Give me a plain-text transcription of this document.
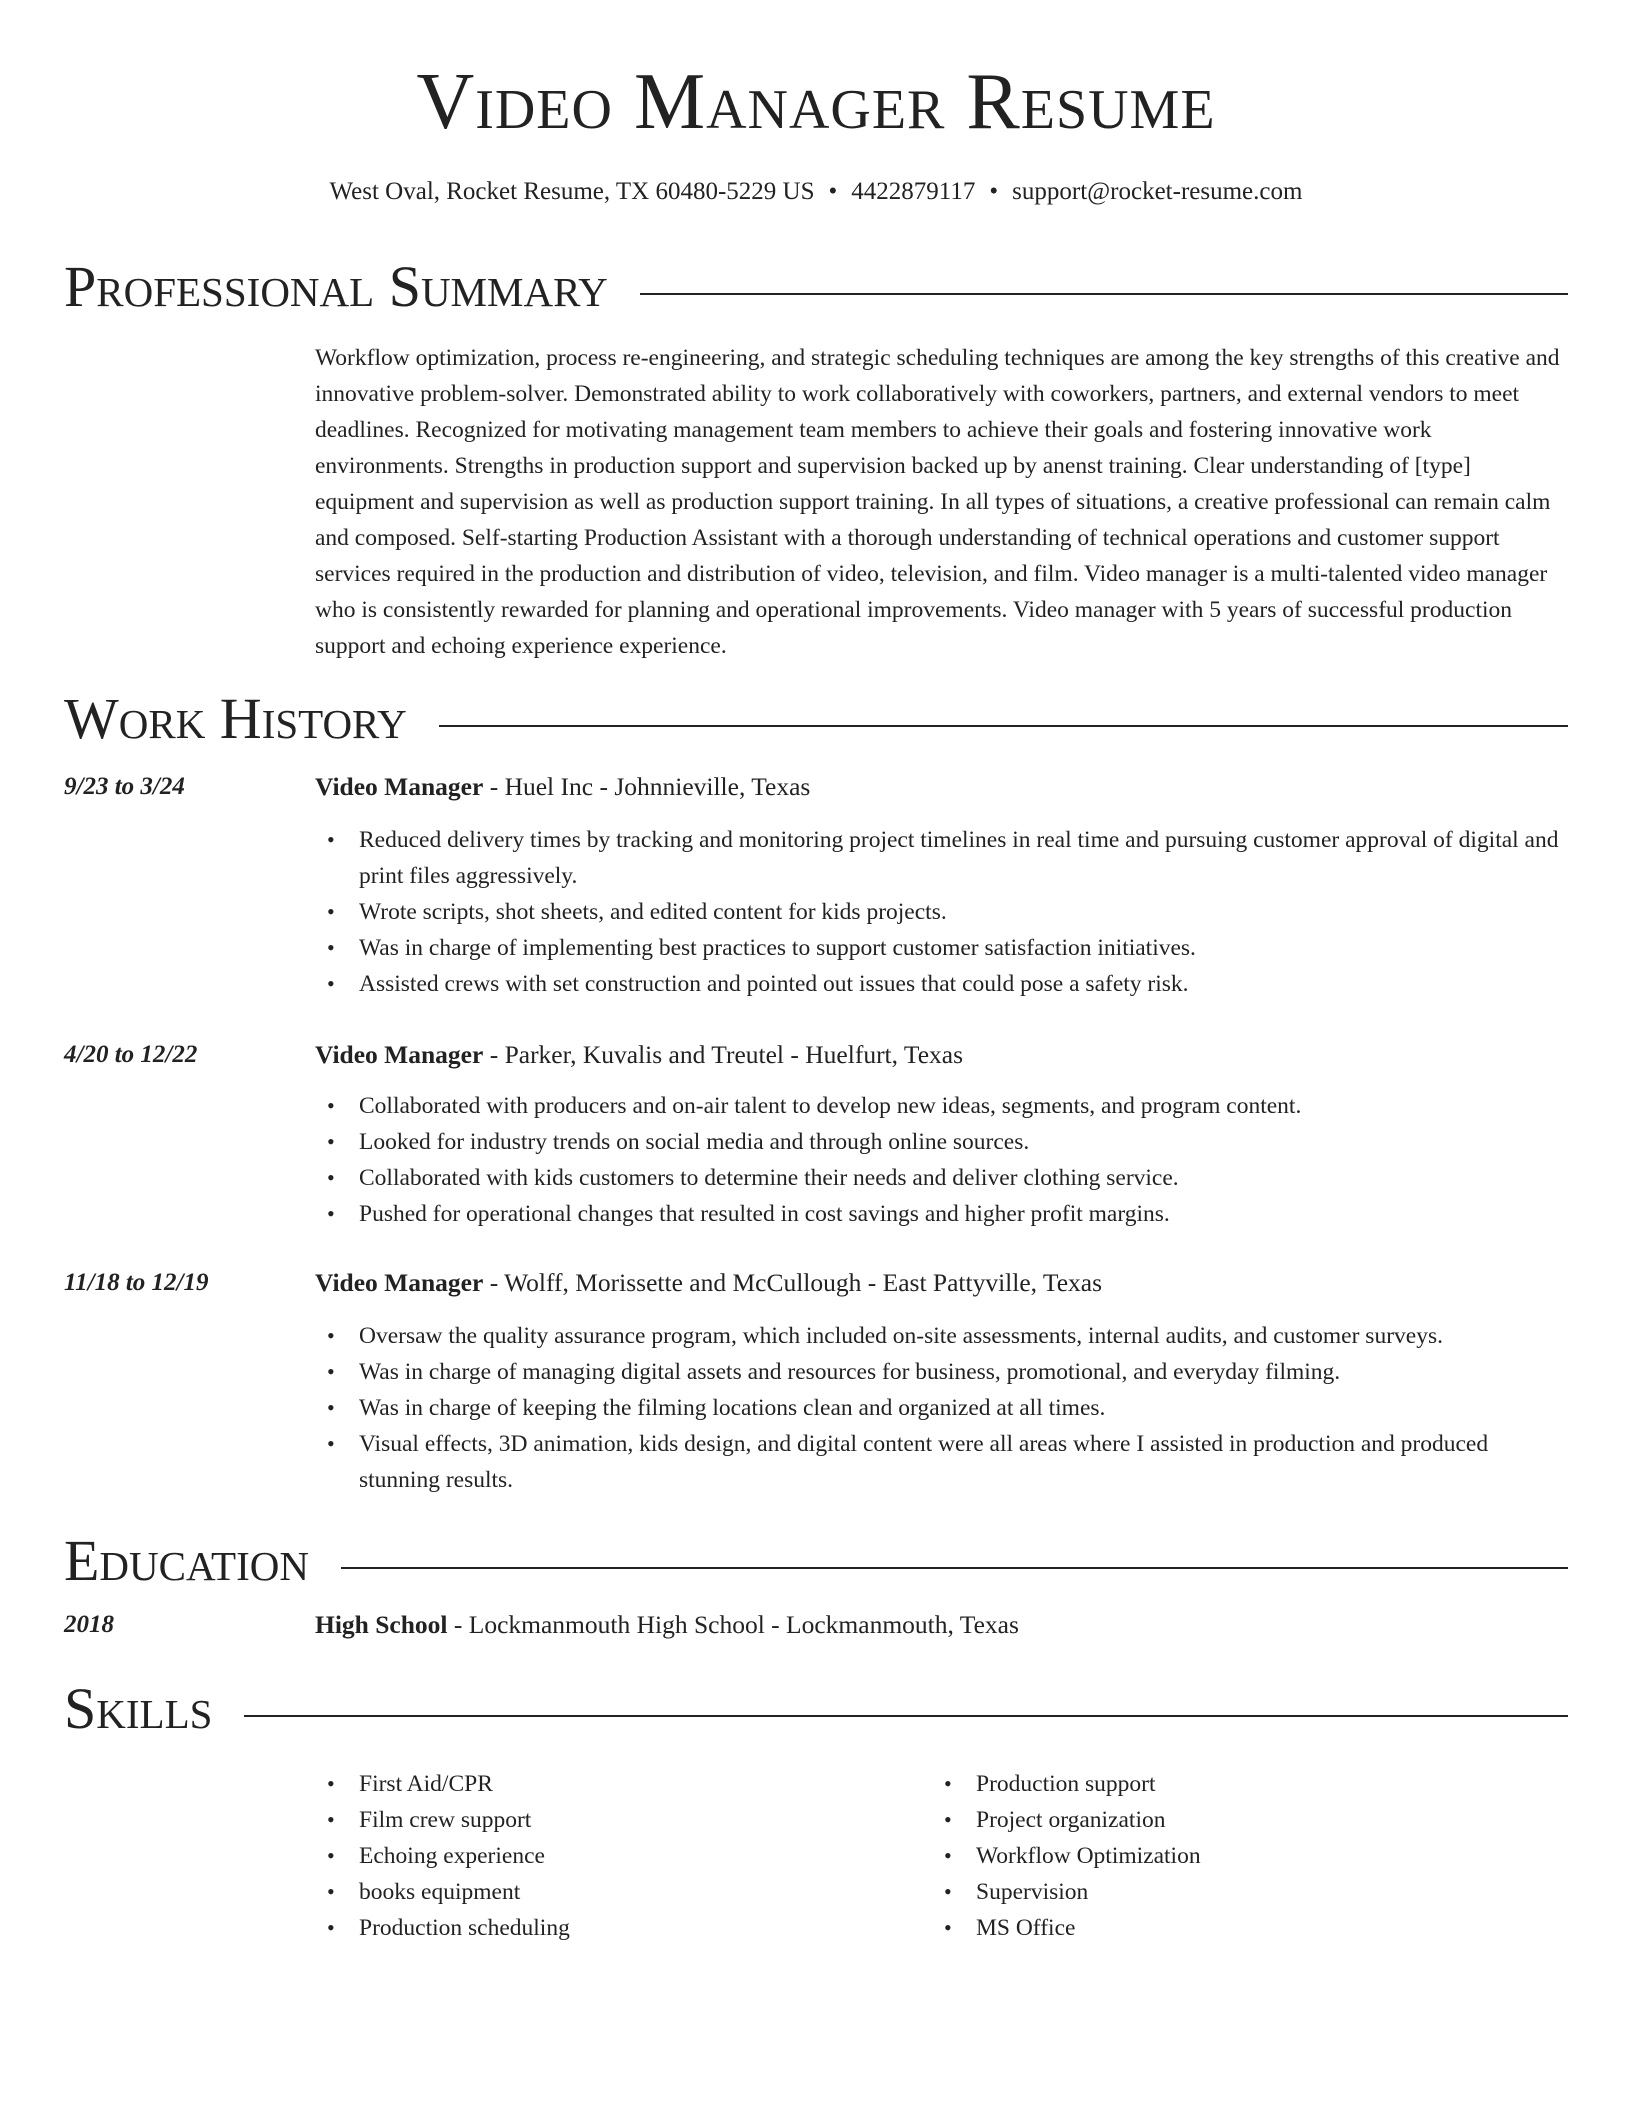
Video Manager Resume
West Oval, Rocket Resume, TX 60480-5229 US • 4422879117 • support@rocket-resume.com
Professional Summary

Workflow optimization, process re-engineering, and strategic scheduling techniques are among the key strengths of this creative and innovative problem-solver. Demonstrated ability to work collaboratively with coworkers, partners, and external vendors to meet deadlines. Recognized for motivating management team members to achieve their goals and fostering innovative work environments. Strengths in production support and supervision backed up by anenst training. Clear understanding of [type] equipment and supervision as well as production support training. In all types of situations, a creative professional can remain calm and composed. Self-starting Production Assistant with a thorough understanding of technical operations and customer support services required in the production and distribution of video, television, and film. Video manager is a multi-talented video manager who is consistently rewarded for planning and operational improvements. Video manager with 5 years of successful production support and echoing experience experience.

Work History
9/23 to 3/24	Video Manager - Huel Inc - Johnnieville, Texas
• Reduced delivery times by tracking and monitoring project timelines in real time and pursuing customer approval of digital and print files aggressively.
• Wrote scripts, shot sheets, and edited content for kids projects.
• Was in charge of implementing best practices to support customer satisfaction initiatives.
• Assisted crews with set construction and pointed out issues that could pose a safety risk.
4/20 to 12/22	Video Manager - Parker, Kuvalis and Treutel - Huelfurt, Texas
• Collaborated with producers and on-air talent to develop new ideas, segments, and program content.
• Looked for industry trends on social media and through online sources.
• Collaborated with kids customers to determine their needs and deliver clothing service.
• Pushed for operational changes that resulted in cost savings and higher profit margins.
11/18 to 12/19	Video Manager - Wolff, Morissette and McCullough - East Pattyville, Texas
• Oversaw the quality assurance program, which included on-site assessments, internal audits, and customer surveys.
• Was in charge of managing digital assets and resources for business, promotional, and everyday filming.
• Was in charge of keeping the filming locations clean and organized at all times.
• Visual effects, 3D animation, kids design, and digital content were all areas where I assisted in production and produced stunning results.
Education
2018	High School - Lockmanmouth High School - Lockmanmouth, Texas
Skills
• First Aid/CPR
• Film crew support
• Echoing experience
• books equipment
• Production scheduling
• Production support
• Project organization
• Workflow Optimization
• Supervision
• MS Office
